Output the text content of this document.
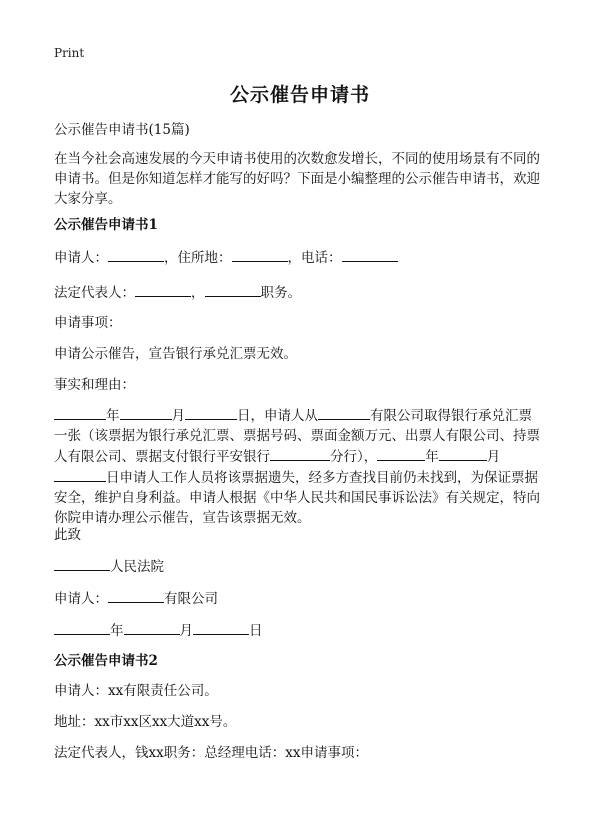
Print
公示催告申请书
公示催告申请书(15篇)
在当今社会高速发展的今天申请书使用的次数愈发增长，不同的使用场景有不同的
申请书。但是你知道怎样才能写的好吗？下面是小编整理的公示催告申请书，欢迎
大家分享。
公示催告申请书1
申请人：	，住所地：	，电话：
法定代表人：	，	职务。
申请事项：
申请公示催告，宣告银行承兑汇票无效。
事实和理由：
年	月	日，申请人从	有限公司取得银行承兑汇票
一张（该票据为银行承兑汇票、票据号码、票面金额万元、出票人有限公司、持票
人有限公司、票据支付银行平安银行	分行），	年	月
日申请人工作人员将该票据遗失，经多方查找目前仍未找到，为保证票据
安全，维护自身利益。申请人根据《中华人民共和国民事诉讼法》有关规定，特向
你院申请办理公示催告，宣告该票据无效。
此致
人民法院
申请人：	有限公司
年	月	日
公示催告申请书2
申请人：xx有限责任公司。
地址：xx市xx区xx大道xx号。
法定代表人，钱xx职务：总经理电话：xx申请事项：
